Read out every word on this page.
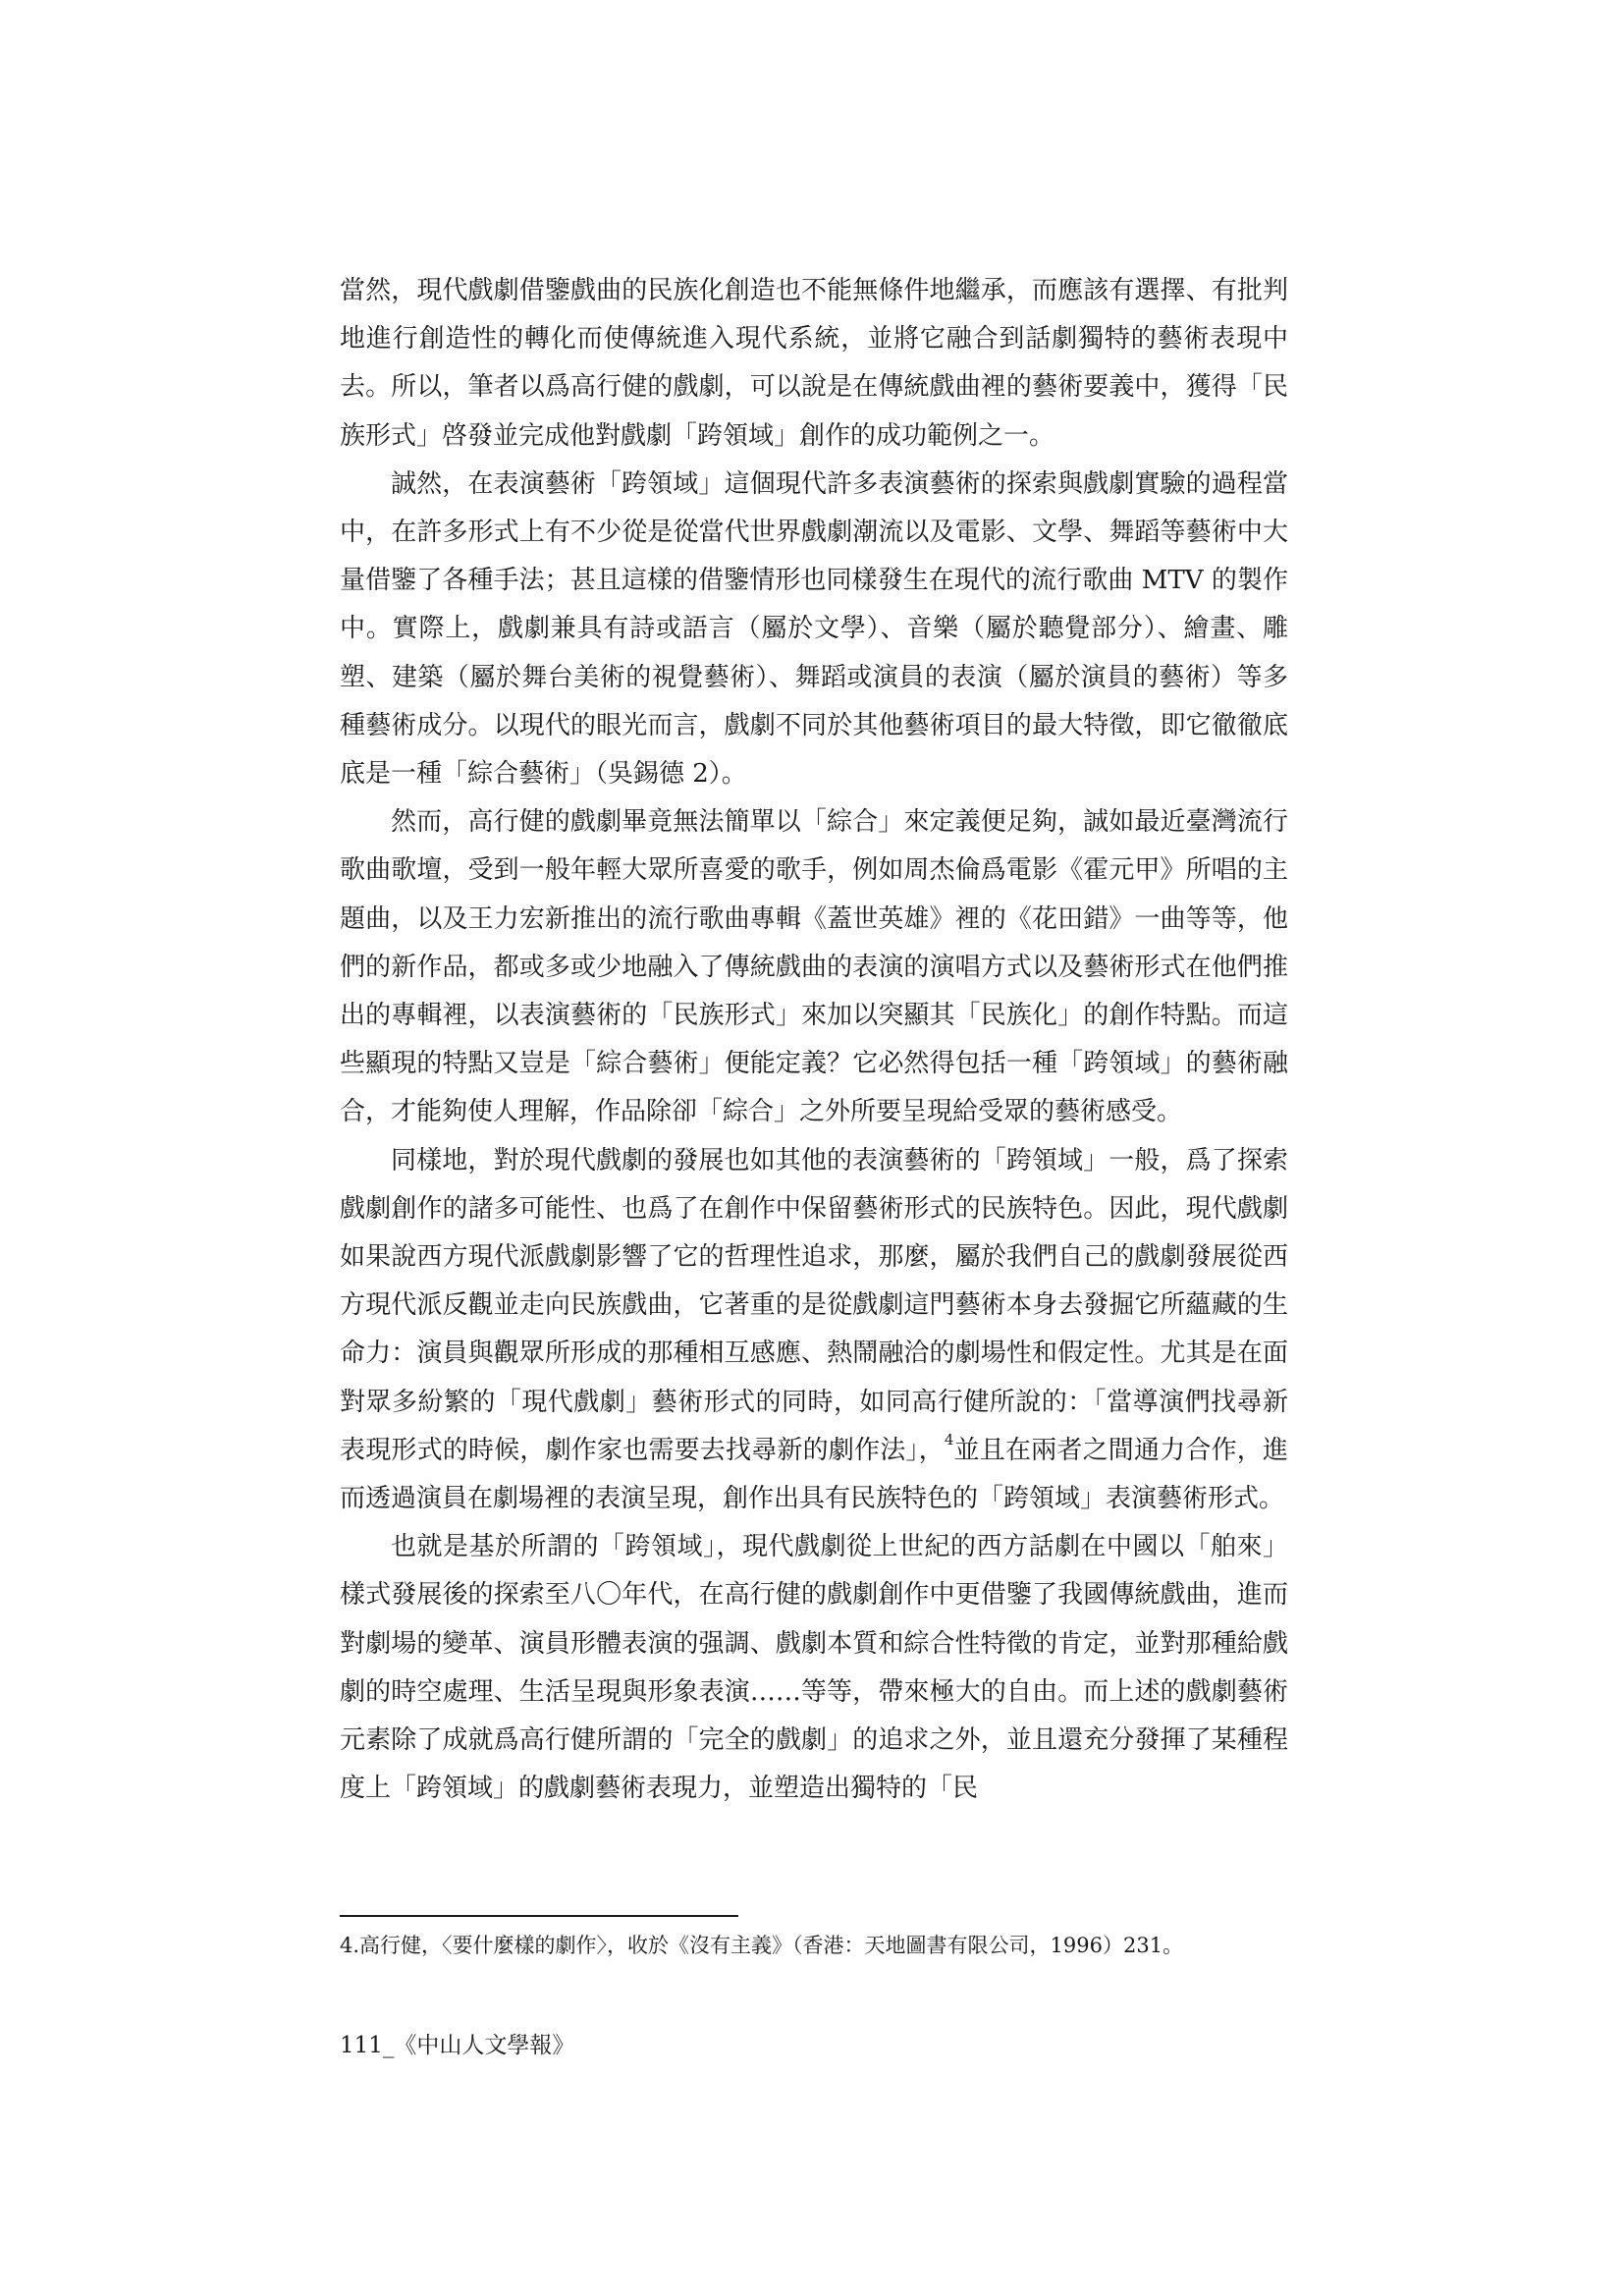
當然，現代戲劇借鑒戲曲的民族化創造也不能無條件地繼承，而應該有選擇、有批判地進行創造性的轉化而使傳統進入現代系統，並將它融合到話劇獨特的藝術表現中去。所以，筆者以爲高行健的戲劇，可以說是在傳統戲曲裡的藝術要義中，獲得「民族形式」啓發並完成他對戲劇「跨領域」創作的成功範例之一。

誠然，在表演藝術「跨領域」這個現代許多表演藝術的探索與戲劇實驗的過程當中，在許多形式上有不少從是從當代世界戲劇潮流以及電影、文學、舞蹈等藝術中大量借鑒了各種手法；甚且這樣的借鑒情形也同樣發生在現代的流行歌曲 MTV 的製作中。實際上，戲劇兼具有詩或語言（屬於文學）、音樂（屬於聽覺部分）、繪畫、雕塑、建築（屬於舞台美術的視覺藝術）、舞蹈或演員的表演（屬於演員的藝術）等多種藝術成分。以現代的眼光而言，戲劇不同於其他藝術項目的最大特徵，即它徹徹底底是一種「綜合藝術」（吳錫德 2）。

然而，高行健的戲劇畢竟無法簡單以「綜合」來定義便足夠，誠如最近臺灣流行歌曲歌壇，受到一般年輕大眾所喜愛的歌手，例如周杰倫爲電影《霍元甲》所唱的主題曲，以及王力宏新推出的流行歌曲專輯《蓋世英雄》裡的《花田錯》一曲等等，他們的新作品，都或多或少地融入了傳統戲曲的表演的演唱方式以及藝術形式在他們推出的專輯裡，以表演藝術的「民族形式」來加以突顯其「民族化」的創作特點。而這些顯現的特點又豈是「綜合藝術」便能定義？它必然得包括一種「跨領域」的藝術融合，才能夠使人理解，作品除卻「綜合」之外所要呈現給受眾的藝術感受。

同樣地，對於現代戲劇的發展也如其他的表演藝術的「跨領域」一般，爲了探索戲劇創作的諸多可能性、也爲了在創作中保留藝術形式的民族特色。因此，現代戲劇如果說西方現代派戲劇影響了它的哲理性追求，那麼，屬於我們自己的戲劇發展從西方現代派反觀並走向民族戲曲，它著重的是從戲劇這門藝術本身去發掘它所蘊藏的生命力：演員與觀眾所形成的那種相互感應、熱鬧融洽的劇場性和假定性。尤其是在面對眾多紛繁的「現代戲劇」藝術形式的同時，如同高行健所說的：「當導演們找尋新表現形式的時候，劇作家也需要去找尋新的劇作法」，$^4$並且在兩者之間通力合作，進而透過演員在劇場裡的表演呈現，創作出具有民族特色的「跨領域」表演藝術形式。

也就是基於所謂的「跨領域」，現代戲劇從上世紀的西方話劇在中國以「舶來」樣式發展後的探索至八〇年代，在高行健的戲劇創作中更借鑒了我國傳統戲曲，進而對劇場的變革、演員形體表演的强調、戲劇本質和綜合性特徵的肯定，並對那種給戲劇的時空處理、生活呈現與形象表演……等等，帶來極大的自由。而上述的戲劇藝術元素除了成就爲高行健所謂的「完全的戲劇」的追求之外，並且還充分發揮了某種程度上「跨領域」的戲劇藝術表現力，並塑造出獨特的「民

4.高行健，〈要什麼樣的劇作〉，收於《沒有主義》（香港：天地圖書有限公司，1996）231。

111_《中山人文學報》
